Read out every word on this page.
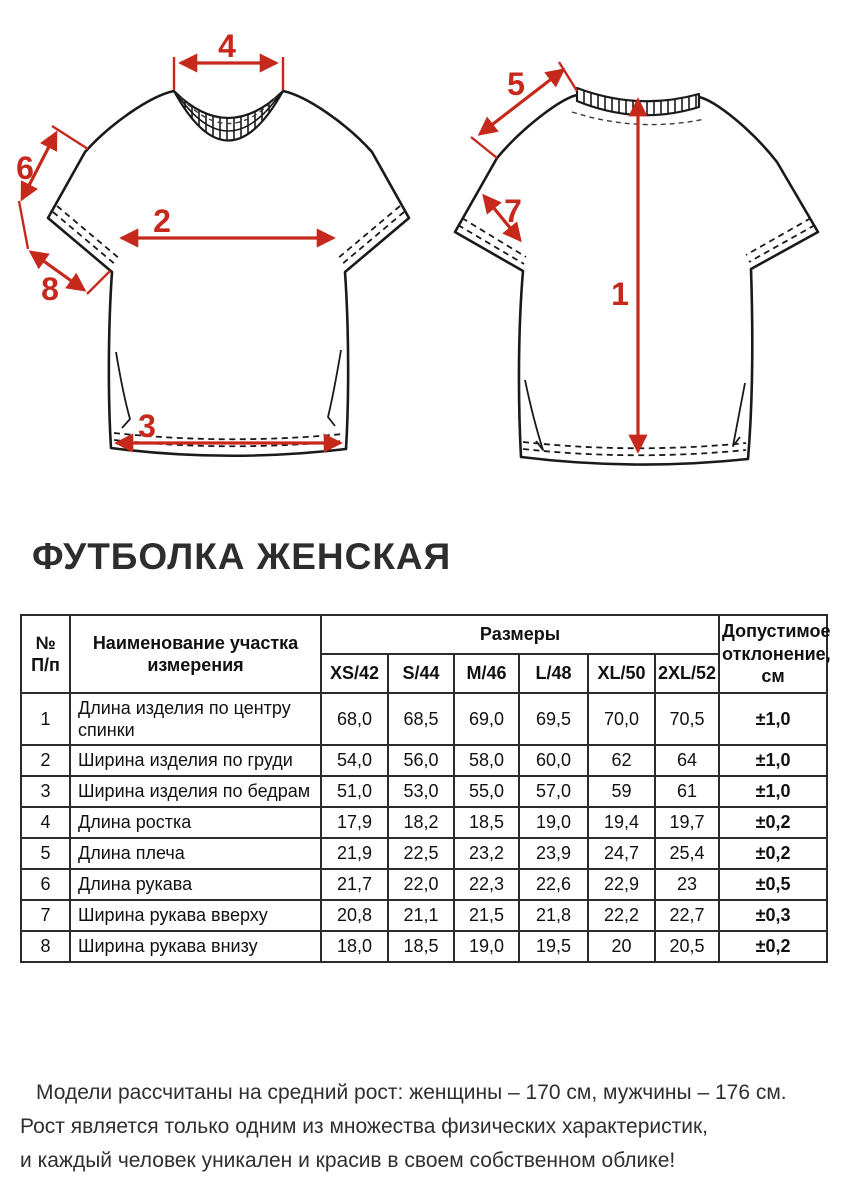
4
6
2
8
3
5
7
1
ФУТБОЛКА ЖЕНСКАЯ
№
П/п	Наименование участка измерения	Размеры						Допустимое отклонение, см
		XS/42	S/44	M/46	L/48	XL/50	2XL/52	
1	Длина изделия по центру спинки	68,0	68,5	69,0	69,5	70,0	70,5	±1,0
2	Ширина изделия по груди	54,0	56,0	58,0	60,0	62	64	±1,0
3	Ширина изделия по бедрам	51,0	53,0	55,0	57,0	59	61	±1,0
4	Длина ростка	17,9	18,2	18,5	19,0	19,4	19,7	±0,2
5	Длина плеча	21,9	22,5	23,2	23,9	24,7	25,4	±0,2
6	Длина рукава	21,7	22,0	22,3	22,6	22,9	23	±0,5
7	Ширина рукава вверху	20,8	21,1	21,5	21,8	22,2	22,7	±0,3
8	Ширина рукава внизу	18,0	18,5	19,0	19,5	20	20,5	±0,2
Модели рассчитаны на средний рост: женщины – 170 см, мужчины – 176 см.
Рост является только одним из множества физических характеристик,
и каждый человек уникален и красив в своем собственном облике!
